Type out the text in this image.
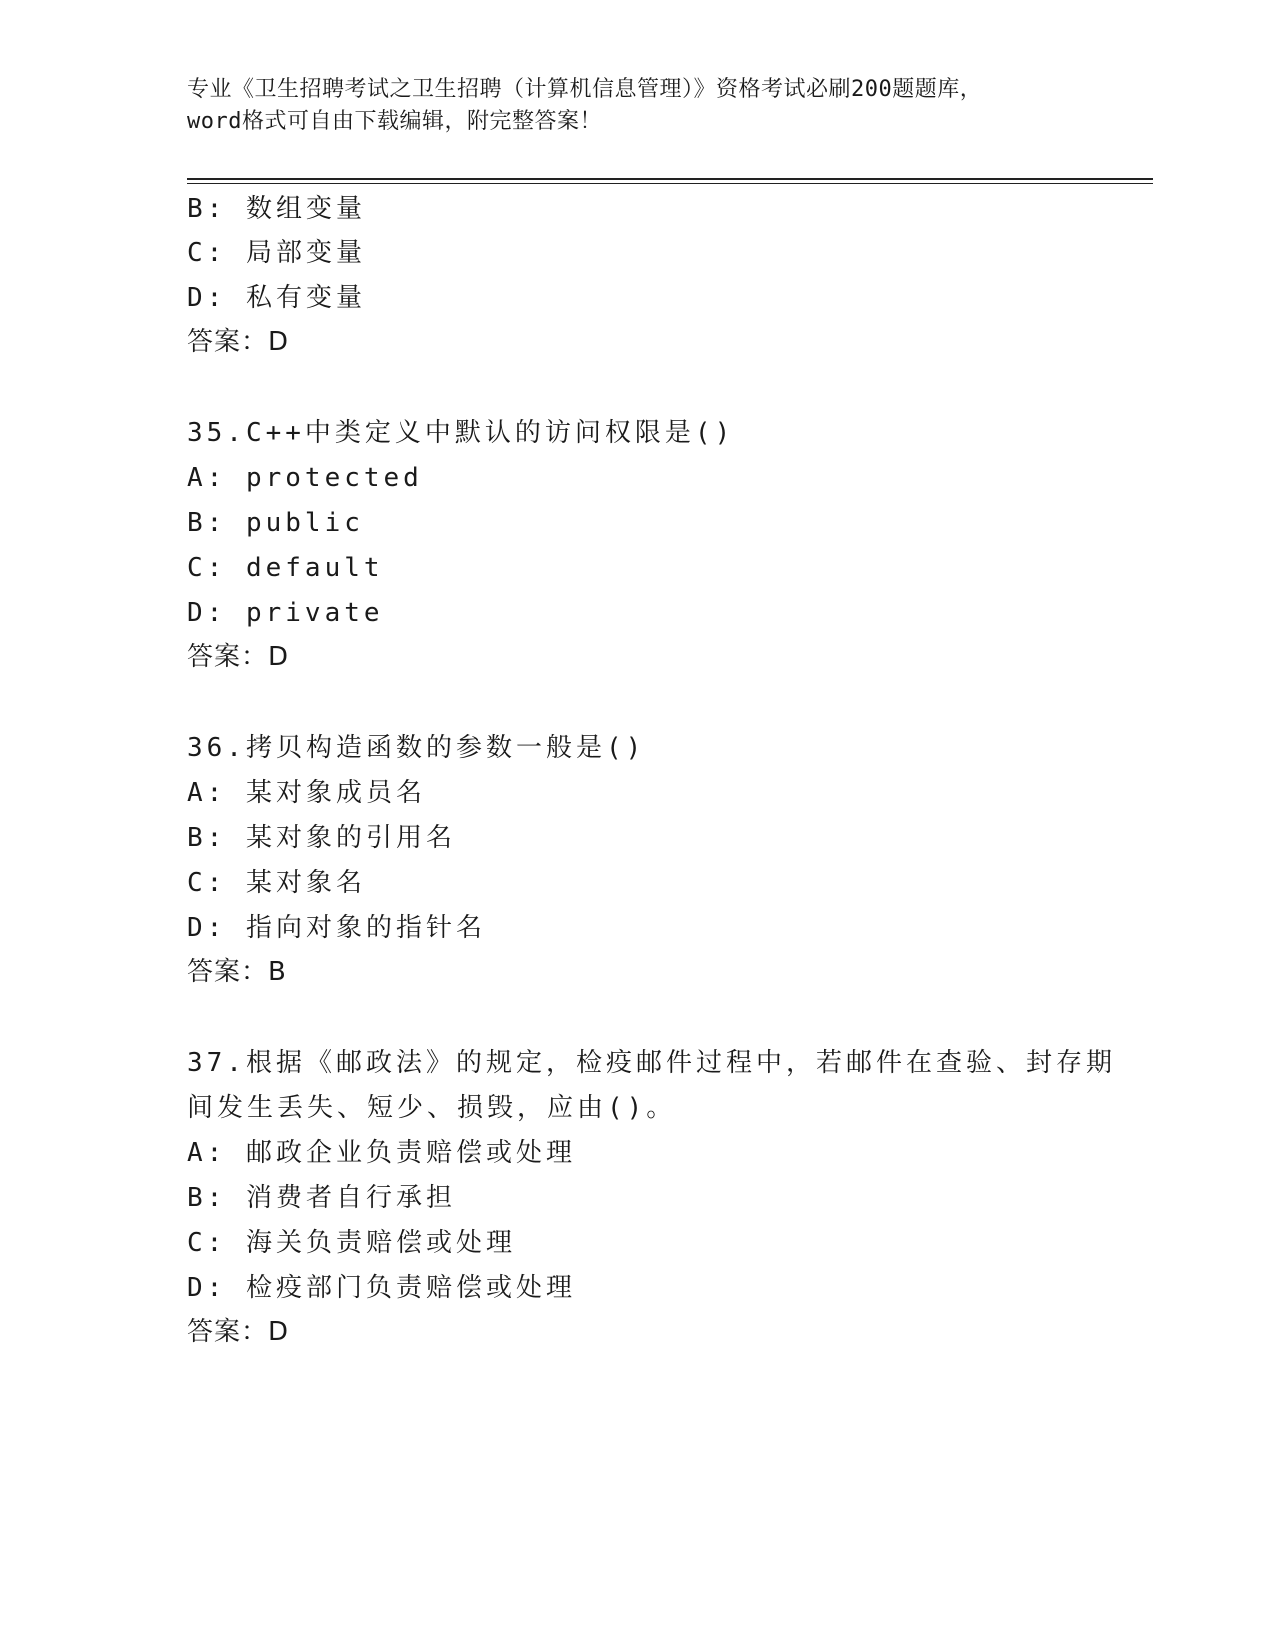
专业《卫生招聘考试之卫生招聘（计算机信息管理）》资格考试必刷200题题库，
word格式可自由下载编辑，附完整答案！
B: 数组变量
C: 局部变量
D: 私有变量
答案：D
35.C++中类定义中默认的访问权限是()
A: protected
B: public
C: default
D: private
答案：D
36.拷贝构造函数的参数一般是()
A: 某对象成员名
B: 某对象的引用名
C: 某对象名
D: 指向对象的指针名
答案：B
37.根据《邮政法》的规定，检疫邮件过程中，若邮件在查验、封存期
间发生丢失、短少、损毁，应由()。
A: 邮政企业负责赔偿或处理
B: 消费者自行承担
C: 海关负责赔偿或处理
D: 检疫部门负责赔偿或处理
答案：D
